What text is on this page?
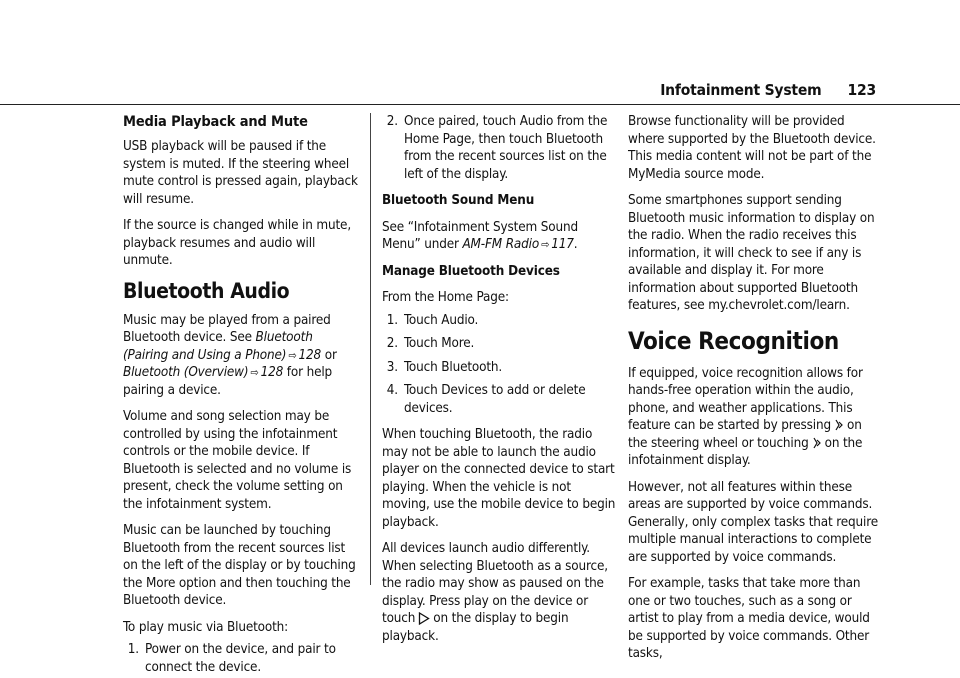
Infotainment System 123
Media Playback and Mute

USB playback will be paused if the system is muted. If the steering wheel mute control is pressed again, playback will resume.

If the source is changed while in mute, playback resumes and audio will unmute.

Bluetooth Audio

Music may be played from a paired Bluetooth device. See Bluetooth (Pairing and Using a Phone) ⇨ 128 or
Bluetooth (Overview) ⇨ 128 for help pairing a device.

Volume and song selection may be controlled by using the infotainment controls or the mobile device. If Bluetooth is selected and no volume is present, check the volume setting on the infotainment system.

Music can be launched by touching Bluetooth from the recent sources list on the left of the display or by touching the More option and then touching the Bluetooth device.

To play music via Bluetooth:

1. Power on the device, and pair to connect the device.
2. Once paired, touch Audio from the Home Page, then touch Bluetooth from the recent sources list on the left of the display.
Bluetooth Sound Menu

See “Infotainment System Sound Menu” under AM-FM Radio ⇨ 117.

Manage Bluetooth Devices

From the Home Page:

1. Touch Audio.
2. Touch More.
3. Touch Bluetooth.
4. Touch Devices to add or delete devices.

When touching Bluetooth, the radio may not be able to launch the audio player on the connected device to start playing. When the vehicle is not moving, use the mobile device to begin playback.

All devices launch audio differently. When selecting Bluetooth as a source, the radio may show as paused on the display. Press play on the device or touch on the display to begin playback.

Browse functionality will be provided where supported by the Bluetooth device. This media content will not be part of the MyMedia source mode.

Some smartphones support sending Bluetooth music information to display on the radio. When the radio receives this information, it will check to see if any is available and display it. For more information about supported Bluetooth features, see my.chevrolet.com/learn.

Voice Recognition

If equipped, voice recognition allows for hands-free operation within the audio, phone, and weather applications. This feature can be started by pressing on the steering wheel or touching on the infotainment display.

However, not all features within these areas are supported by voice commands. Generally, only complex tasks that require multiple manual interactions to complete are supported by voice commands.

For example, tasks that take more than one or two touches, such as a song or artist to play from a media device, would be supported by voice commands. Other tasks,
